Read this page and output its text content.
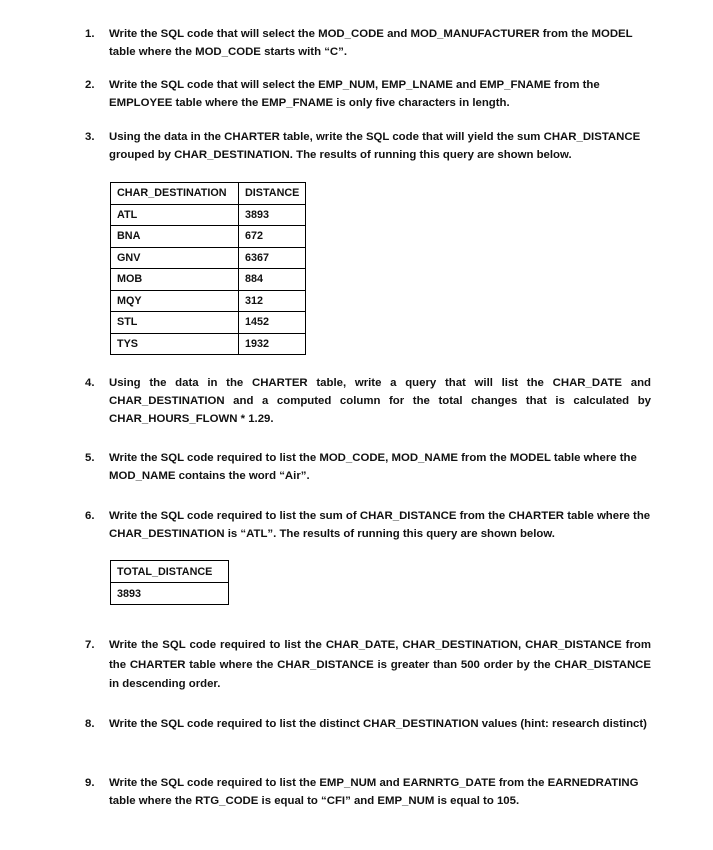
1.	Write the SQL code that will select the MOD_CODE and MOD_MANUFACTURER from the MODEL table where the MOD_CODE starts with “C”.
2.	Write the SQL code that will select the EMP_NUM, EMP_LNAME and EMP_FNAME from the EMPLOYEE table where the EMP_FNAME is only five characters in length.
3.	Using the data in the CHARTER table, write the SQL code that will yield the sum CHAR_DISTANCE grouped by CHAR_DESTINATION. The results of running this query are shown below.
CHAR_DESTINATION	DISTANCE
ATL	3893
BNA	672
GNV	6367
MOB	884
MQY	312
STL	1452
TYS	1932
4.	Using the data in the CHARTER table, write a query that will list the CHAR_DATE and CHAR_DESTINATION and a computed column for the total changes that is calculated by CHAR_HOURS_FLOWN * 1.29.
5.	Write the SQL code required to list the MOD_CODE, MOD_NAME from the MODEL table where the MOD_NAME contains the word “Air”.
6.	Write the SQL code required to list the sum of CHAR_DISTANCE from the CHARTER table where the CHAR_DESTINATION is “ATL”. The results of running this query are shown below.
TOTAL_DISTANCE
3893
7.	Write the SQL code required to list the CHAR_DATE, CHAR_DESTINATION, CHAR_DISTANCE from the CHARTER table where the CHAR_DISTANCE is greater than 500 order by the CHAR_DISTANCE in descending order.
8.	Write the SQL code required to list the distinct CHAR_DESTINATION values (hint: research distinct)
9.	Write the SQL code required to list the EMP_NUM and EARNRTG_DATE from the EARNEDRATING table where the RTG_CODE is equal to “CFI” and EMP_NUM is equal to 105.
